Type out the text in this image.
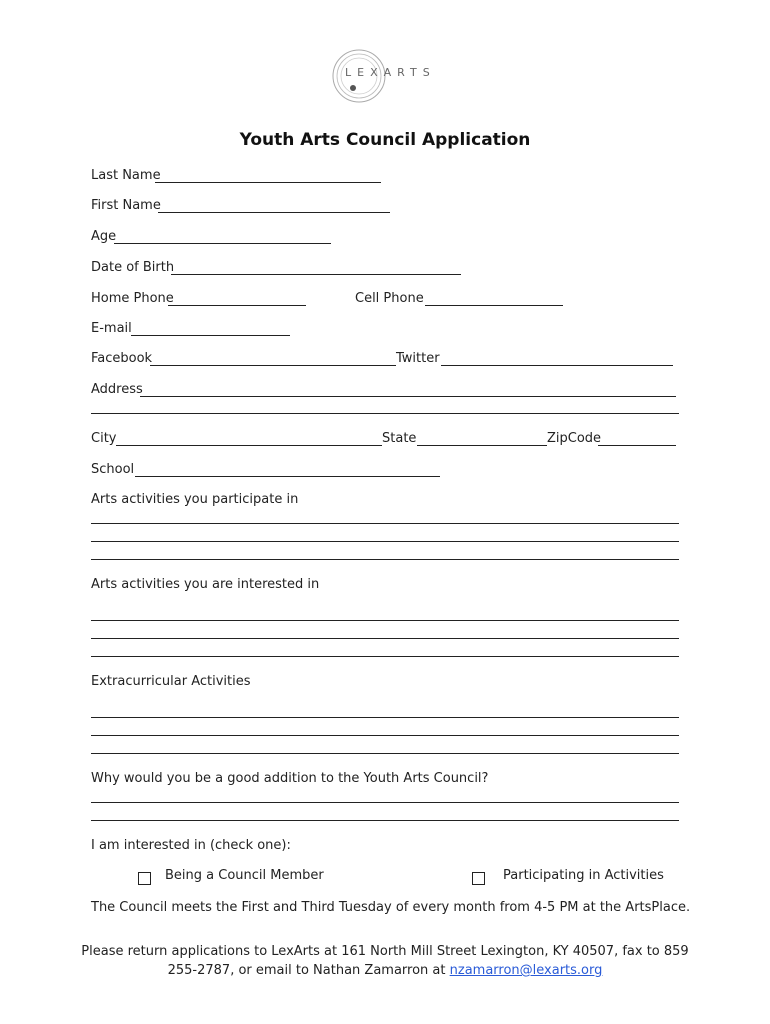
LEXARTS
Youth Arts Council Application
Last Name
First Name
Age
Date of Birth
Home Phone	Cell Phone
E-mail
Facebook	Twitter
Address
City	State	ZipCode
School
Arts activities you participate in
Arts activities you are interested in
Extracurricular Activities
Why would you be a good addition to the Youth Arts Council?
I am interested in (check one):
Being a Council Member	Participating in Activities
The Council meets the First and Third Tuesday of every month from 4-5 PM at the ArtsPlace.
Please return applications to LexArts at 161 North Mill Street Lexington, KY 40507, fax to 859 255-2787, or email to Nathan Zamarron at nzamarron@lexarts.org
